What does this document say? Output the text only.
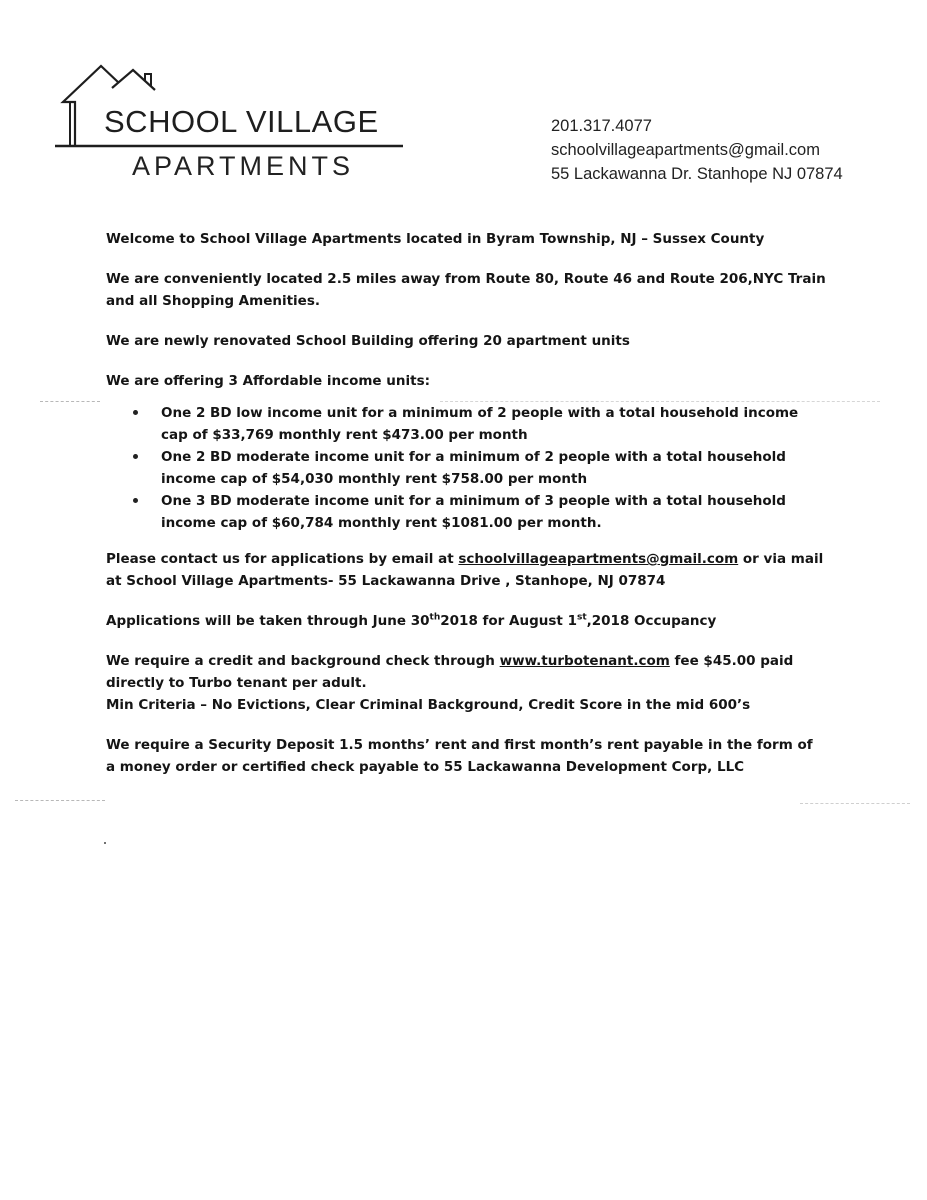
SCHOOL VILLAGE
APARTMENTS
201.317.4077
schoolvillageapartments@gmail.com
55 Lackawanna Dr. Stanhope NJ 07874

Welcome to School Village Apartments located in Byram Township, NJ – Sussex County

We are conveniently located 2.5 miles away from Route 80, Route 46 and Route 206,NYC Train and all Shopping Amenities.

We are newly renovated School Building offering 20 apartment units

We are offering 3 Affordable income units:

One 2 BD low income unit for a minimum of 2 people with a total household income cap of $33,769 monthly rent $473.00 per month
One 2 BD moderate income unit for a minimum of 2 people with a total household income cap of $54,030 monthly rent $758.00 per month
One 3 BD moderate income unit for a minimum of 3 people with a total household income cap of $60,784 monthly rent $1081.00 per month.

Please contact us for applications by email at schoolvillageapartments@gmail.com or via mail at School Village Apartments- 55 Lackawanna Drive , Stanhope, NJ 07874

Applications will be taken through June 30th2018 for August 1st,2018 Occupancy

We require a credit and background check through www.turbotenant.com fee $45.00 paid directly to Turbo tenant per adult.

Min Criteria – No Evictions, Clear Criminal Background, Credit Score in the mid 600’s

We require a Security Deposit 1.5 months’ rent and first month’s rent payable in the form of a money order or certified check payable to 55 Lackawanna Development Corp, LLC
